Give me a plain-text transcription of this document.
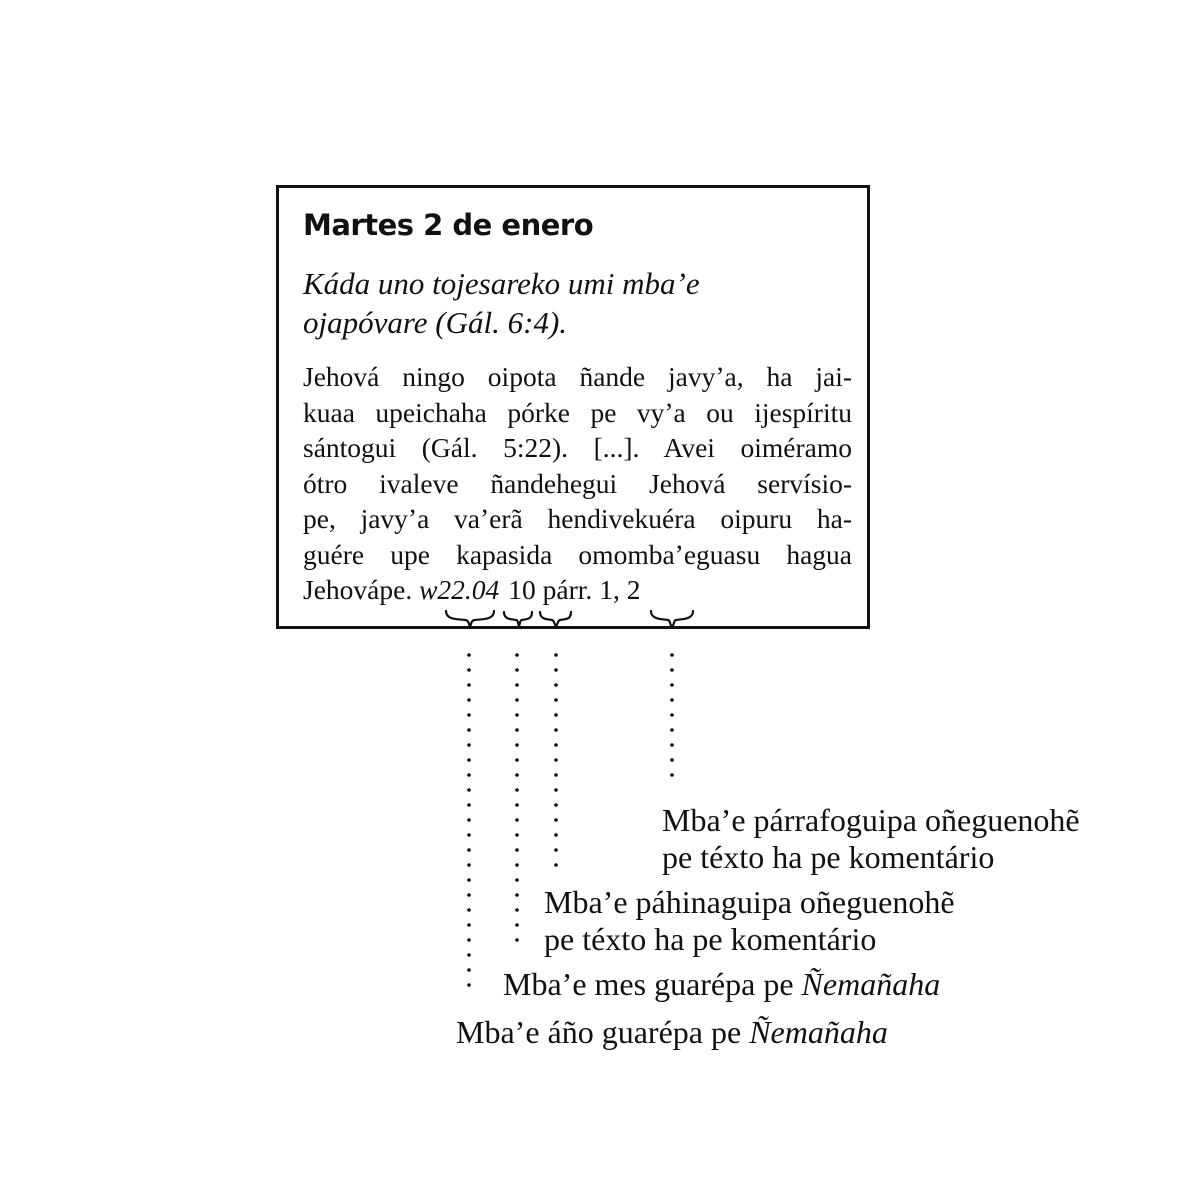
Martes 2 de enero

Káda uno tojesareko umi mbaʼe
ojapóvare (Gál. 6:4).

Jehová ningo oipota ñande javyʼa, ha jai-
kuaa upeichaha pórke pe vyʼa ou ijespíritu
sántogui (Gál. 5:22). [...]. Avei oiméramo
ótro ivaleve ñandehegui Jehová servísio-
pe, javyʼa vaʼerã hendivekuéra oipuru ha-
guére upe kapasida omombaʼeguasu hagua
Jehovápe. w22.04 10 párr. 1, 2

Mbaʼe párrafoguipa oñeguenohẽ
pe téxto ha pe komentário

Mbaʼe páhinaguipa oñeguenohẽ
pe téxto ha pe komentário

Mbaʼe mes guarépa pe Ñemañaha

Mbaʼe áño guarépa pe Ñemañaha
